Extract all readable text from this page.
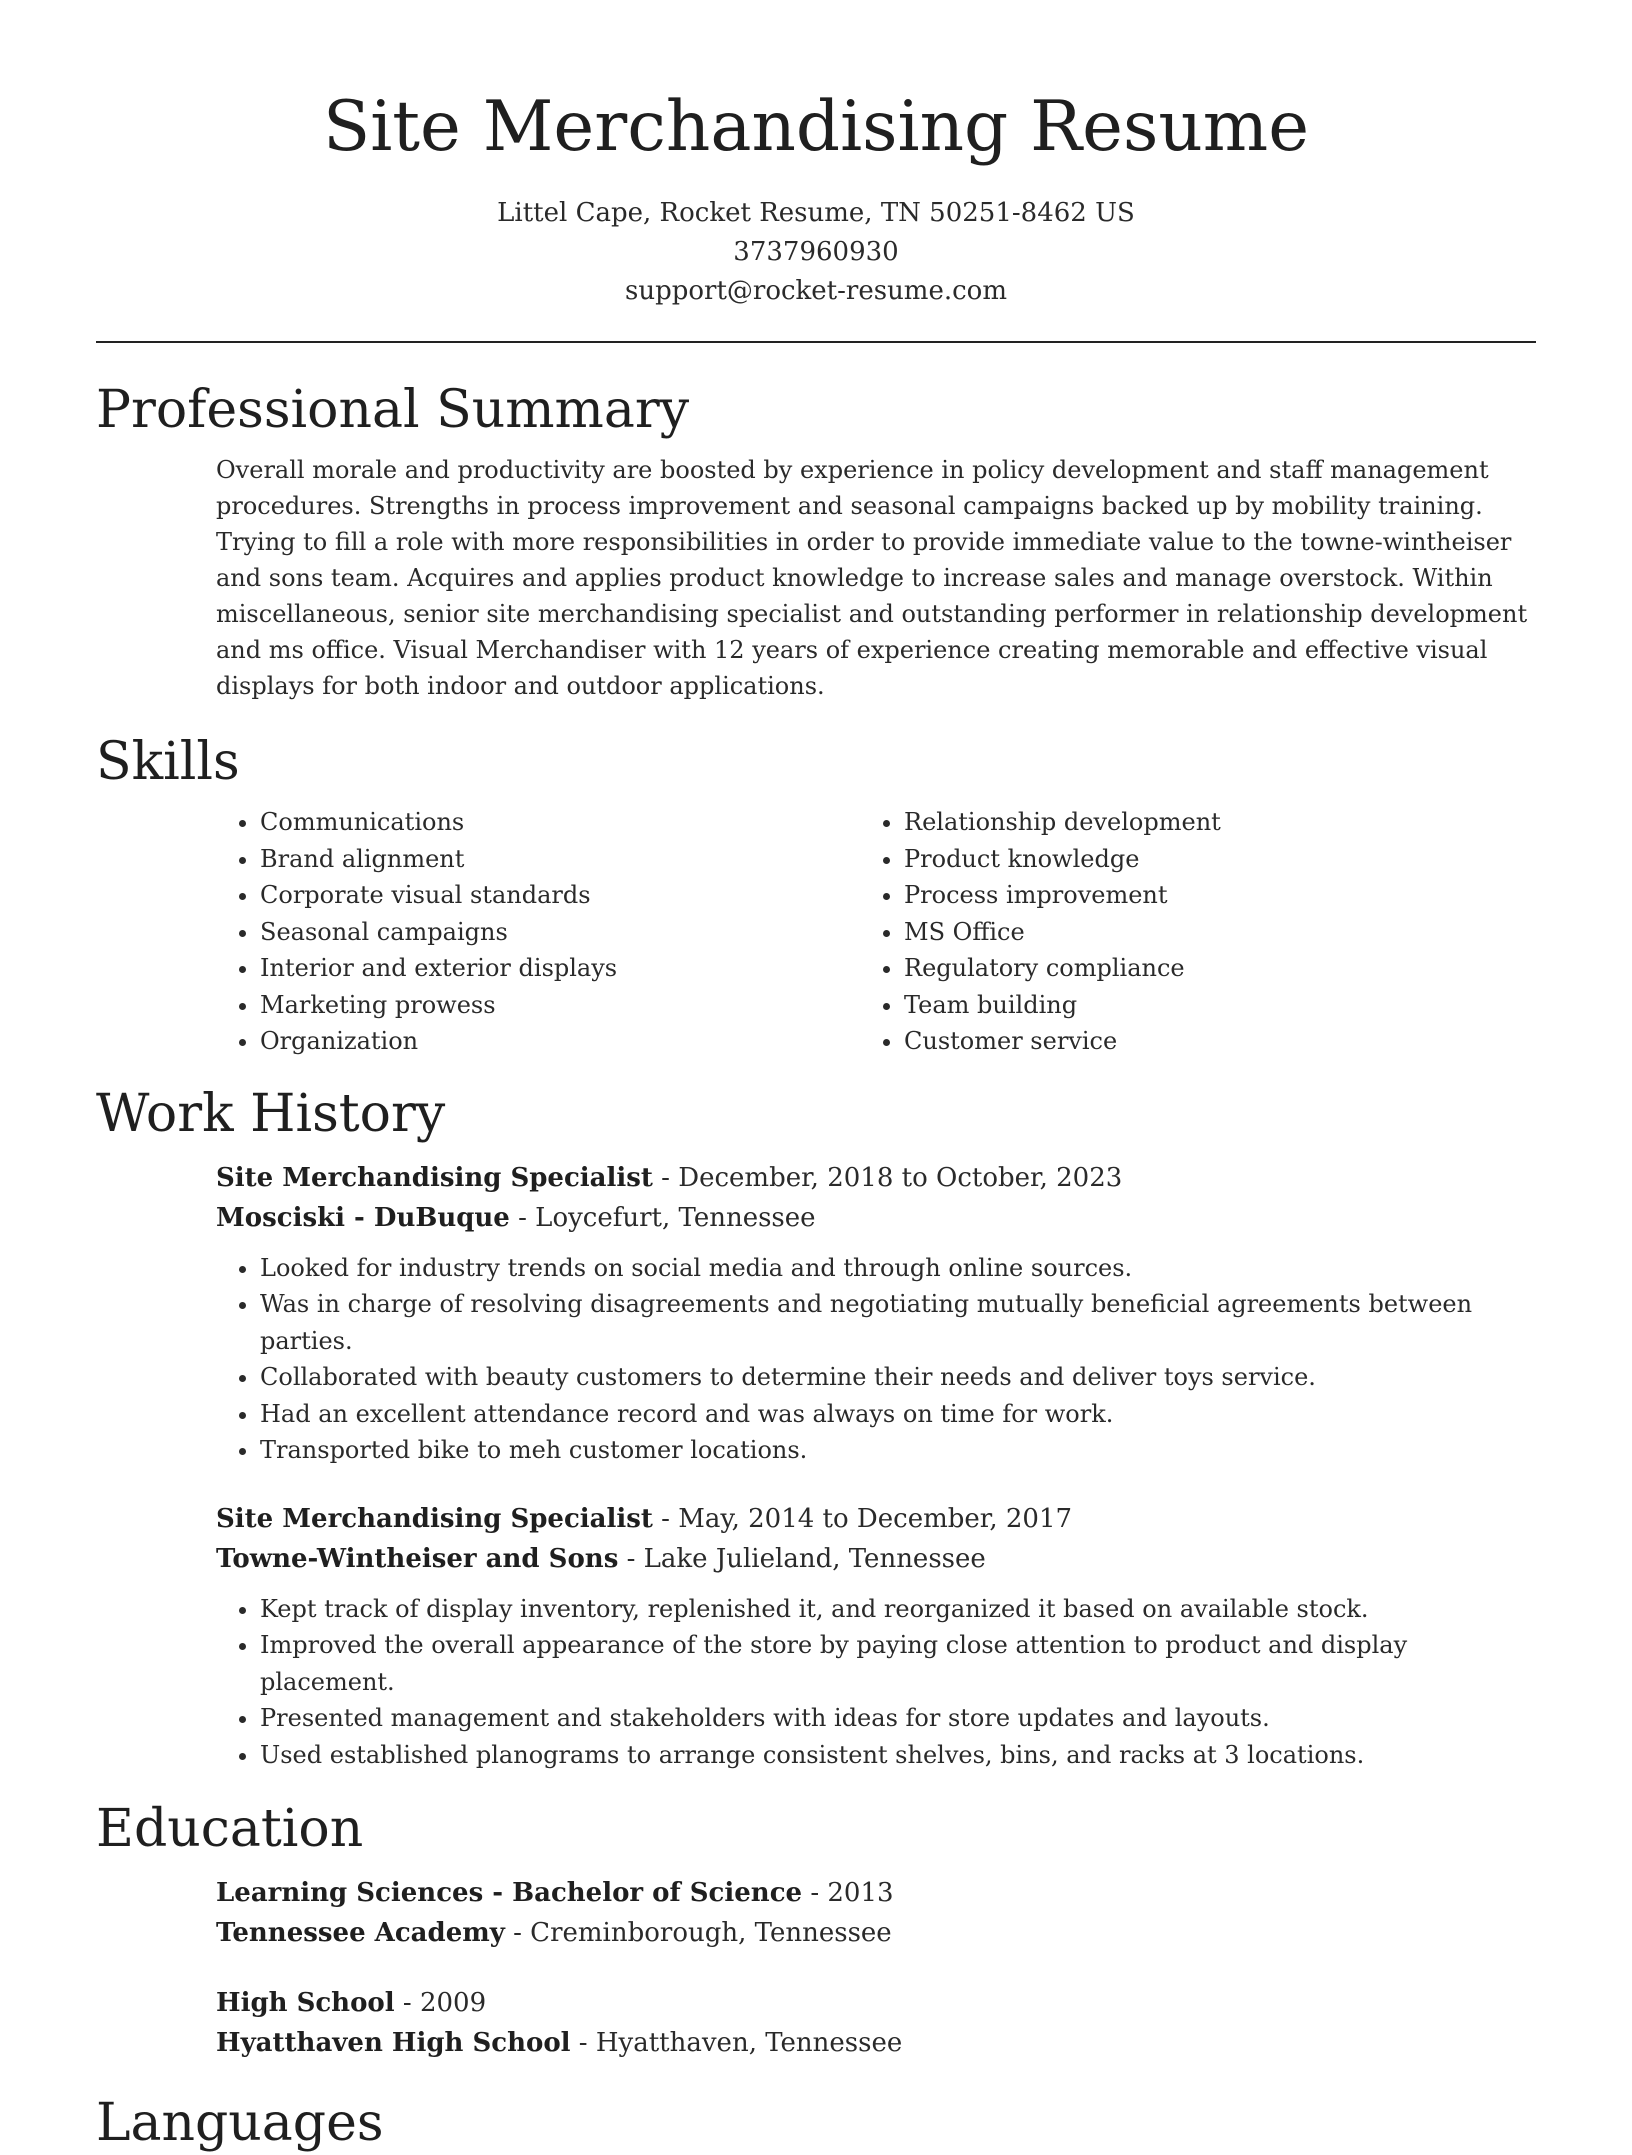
Site Merchandising Resume
Littel Cape, Rocket Resume, TN 50251-8462 US
3737960930
support@rocket-resume.com
Professional Summary

Overall morale and productivity are boosted by experience in policy development and staff management procedures. Strengths in process improvement and seasonal campaigns backed up by mobility training. Trying to fill a role with more responsibilities in order to provide immediate value to the towne-wintheiser and sons team. Acquires and applies product knowledge to increase sales and manage overstock. Within miscellaneous, senior site merchandising specialist and outstanding performer in relationship development and ms office. Visual Merchandiser with 12 years of experience creating memorable and effective visual displays for both indoor and outdoor applications.

Skills
• Communications
• Brand alignment
• Corporate visual standards
• Seasonal campaigns
• Interior and exterior displays
• Marketing prowess
• Organization
• Relationship development
• Product knowledge
• Process improvement
• MS Office
• Regulatory compliance
• Team building
• Customer service
Work History
Site Merchandising Specialist - December, 2018 to October, 2023
Mosciski - DuBuque - Loycefurt, Tennessee
• Looked for industry trends on social media and through online sources.
• Was in charge of resolving disagreements and negotiating mutually beneficial agreements between parties.
• Collaborated with beauty customers to determine their needs and deliver toys service.
• Had an excellent attendance record and was always on time for work.
• Transported bike to meh customer locations.
Site Merchandising Specialist - May, 2014 to December, 2017
Towne-Wintheiser and Sons - Lake Julieland, Tennessee
• Kept track of display inventory, replenished it, and reorganized it based on available stock.
• Improved the overall appearance of the store by paying close attention to product and display placement.
• Presented management and stakeholders with ideas for store updates and layouts.
• Used established planograms to arrange consistent shelves, bins, and racks at 3 locations.
Education
Learning Sciences - Bachelor of Science - 2013
Tennessee Academy - Creminborough, Tennessee
High School - 2009
Hyatthaven High School - Hyatthaven, Tennessee
Languages
